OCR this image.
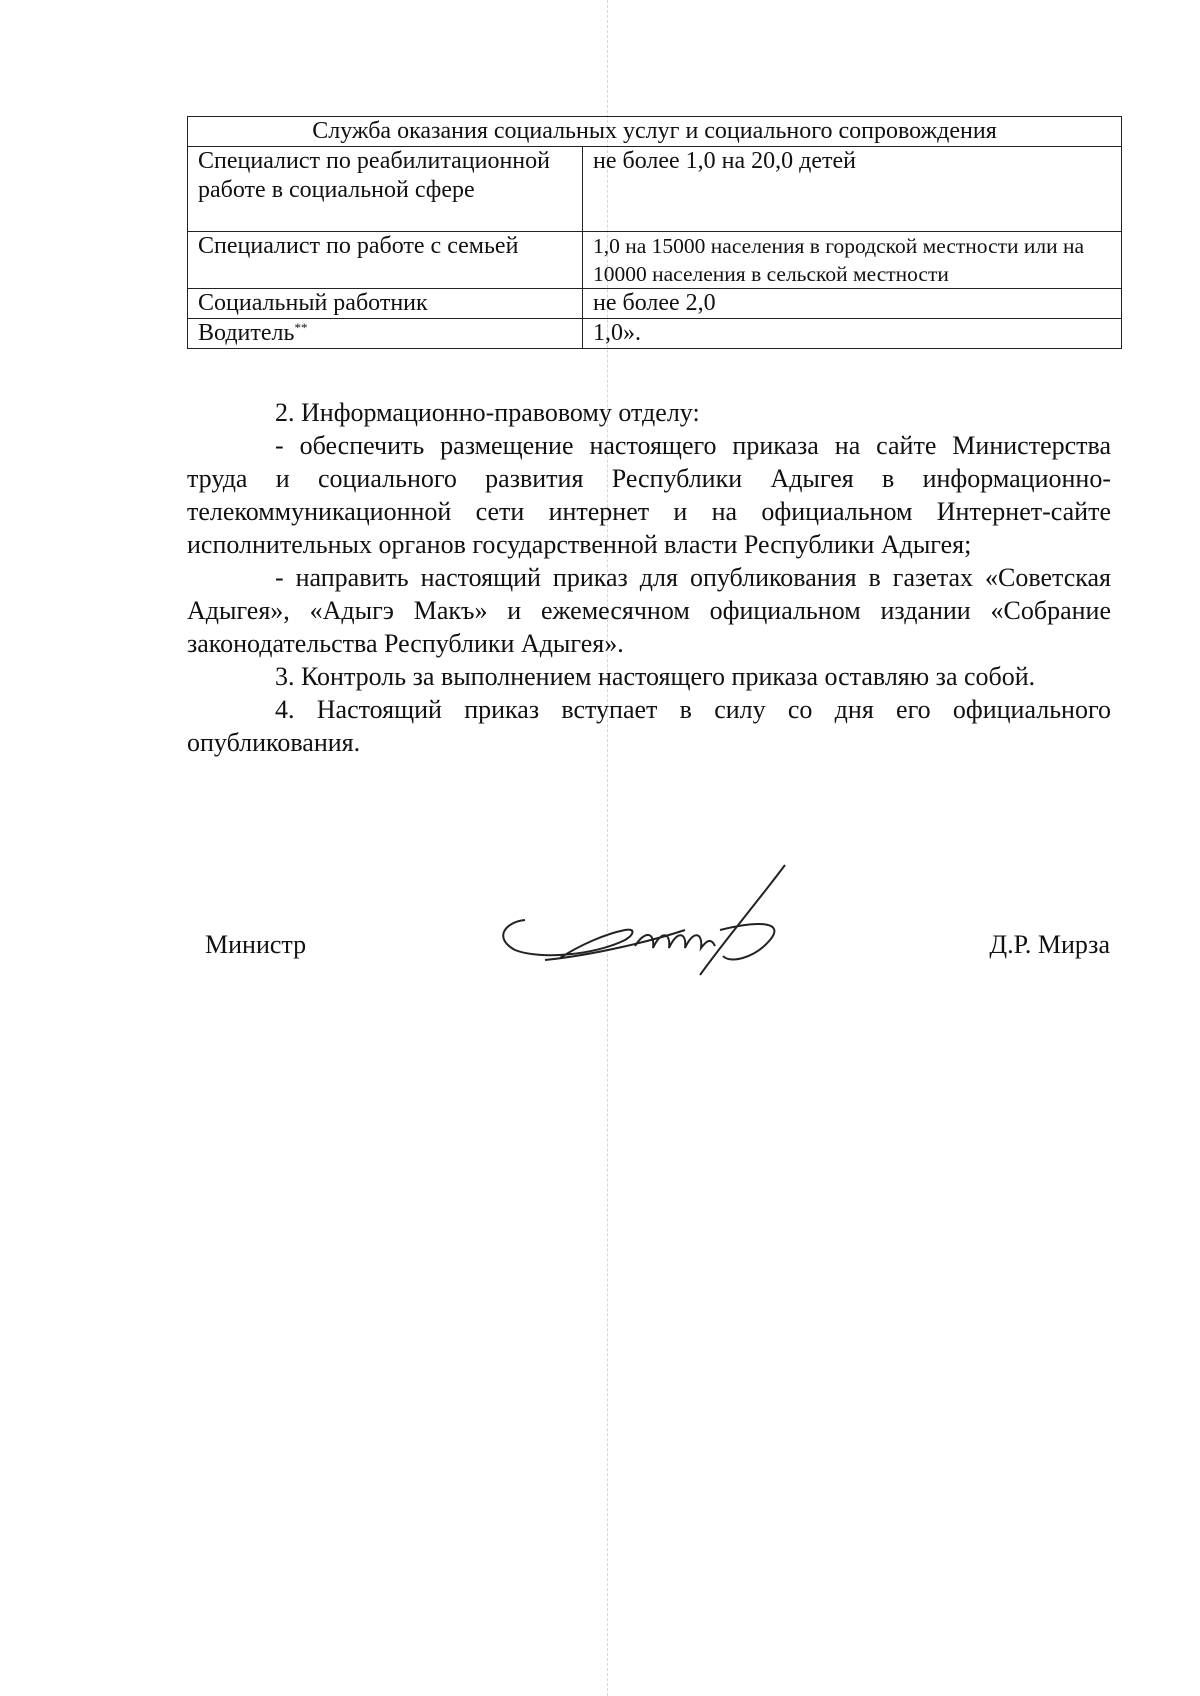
Служба оказания социальных услуг и социального сопровождения	
Специалист по реабилитационной работе в социальной сфере	не более 1,0 на 20,0 детей
Специалист по работе с семьей	1,0 на 15000 населения в городской местности или на 10000 населения в сельской местности
Социальный работник	не более 2,0
Водитель**	1,0».

2. Информационно-правовому отделу:

- обеспечить размещение настоящего приказа на сайте Министерства труда и социального развития Республики Адыгея в информационно-телекоммуникационной сети интернет и на официальном Интернет-сайте исполнительных органов государственной власти Республики Адыгея;

- направить настоящий приказ для опубликования в газетах «Советская Адыгея», «Адыгэ Макъ» и ежемесячном официальном издании «Собрание законодательства Республики Адыгея».

3. Контроль за выполнением настоящего приказа оставляю за собой.

4. Настоящий приказ вступает в силу со дня его официального опубликования.

Министр	Д.Р. Мирза
